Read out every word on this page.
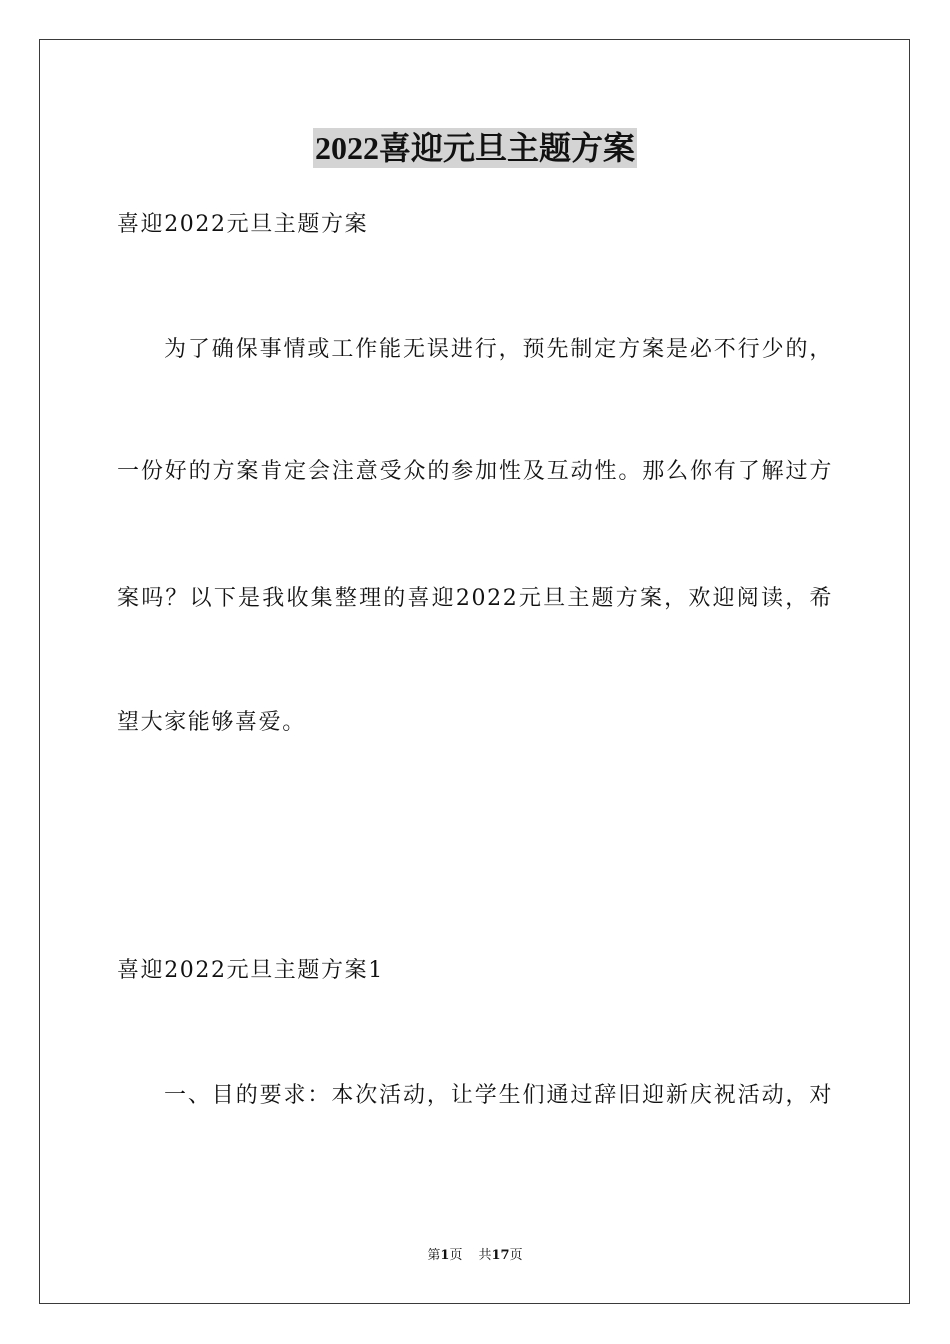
2022喜迎元旦主题方案
喜迎2022元旦主题方案
为了确保事情或工作能无误进行，预先制定方案是必不行少的，
一份好的方案肯定会注意受众的参加性及互动性。那么你有了解过方
案吗？以下是我收集整理的喜迎2022元旦主题方案，欢迎阅读，希
望大家能够喜爱。
喜迎2022元旦主题方案1
一、目的要求：本次活动，让学生们通过辞旧迎新庆祝活动，对
第1页 共17页
